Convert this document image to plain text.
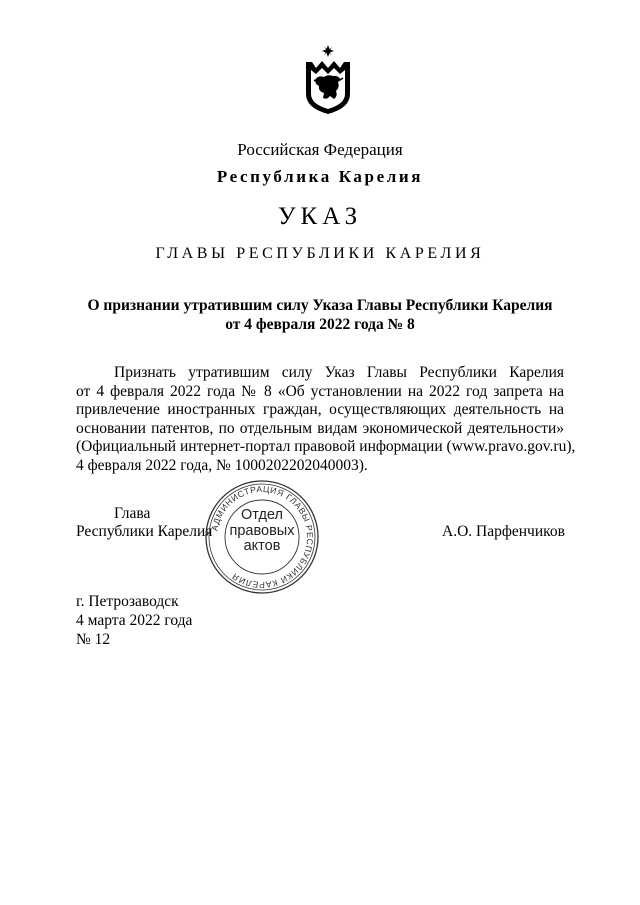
Российская Федерация
Республика Карелия
УКАЗ
ГЛАВЫ РЕСПУБЛИКИ КАРЕЛИЯ
О признании утратившим силу Указа Главы Республики Карелия
от 4 февраля 2022 года № 8
Признать утратившим силу Указ Главы Республики Карелия
от 4 февраля 2022 года № 8 «Об установлении на 2022 год запрета на
привлечение иностранных граждан, осуществляющих деятельность на
основании патентов, по отдельным видам экономической деятельности»
(Официальный интернет-портал правовой информации (www.pravo.gov.ru),
4 февраля 2022 года, № 1000202202040003).
Глава
Республики Карелия
АДМИНИСТРАЦИЯ ГЛАВЫ РЕСПУБЛИКИ КАРЕЛИЯ
Отдел
правовых
актов
А.О. Парфенчиков
г. Петрозаводск
4 марта 2022 года
№ 12
